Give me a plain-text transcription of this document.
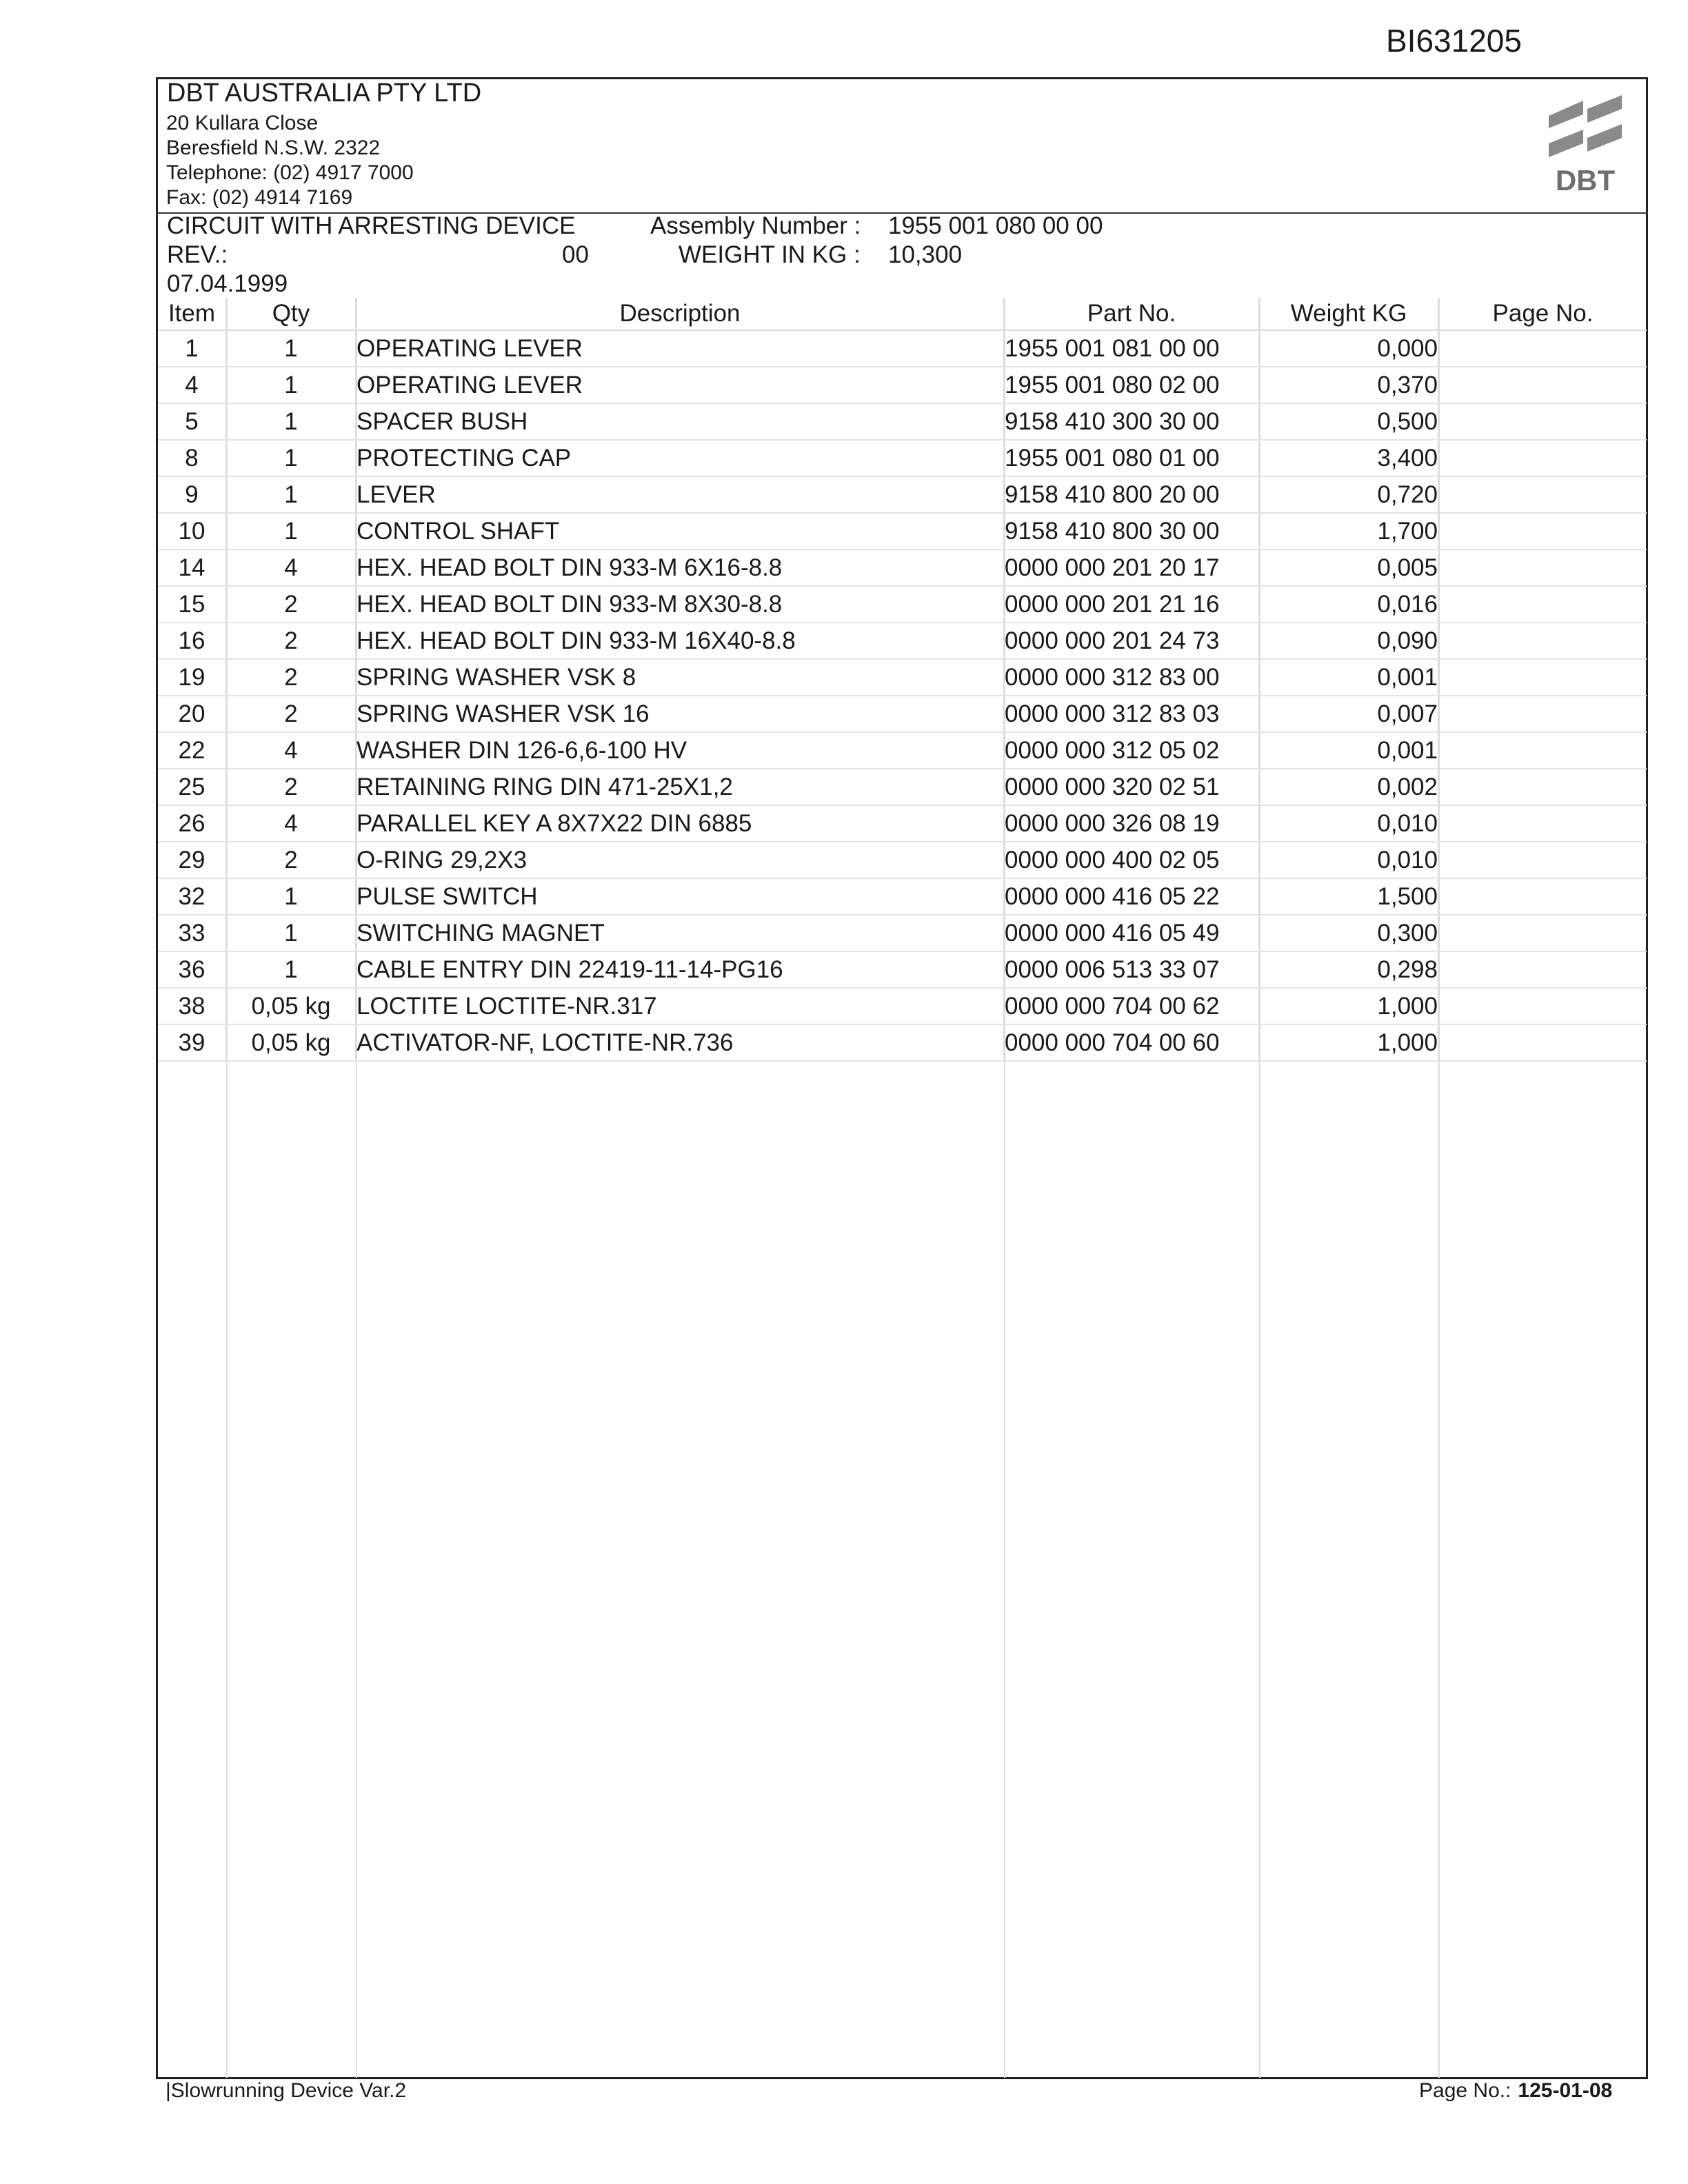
BI631205
DBT AUSTRALIA PTY LTD
20 Kullara Close
Beresfield N.S.W. 2322
Telephone: (02) 4917 7000
Fax: (02) 4914 7169
DBT
CIRCUIT WITH ARRESTING DEVICE	Assembly Number : 1955 001 080 00 00
REV.:	00	WEIGHT IN KG : 10,300
07.04.1999
Item	Qty	Description	Part No.	Weight KG	Page No.
1	1	OPERATING LEVER	1955 001 081 00 00	0,000	
4	1	OPERATING LEVER	1955 001 080 02 00	0,370	
5	1	SPACER BUSH	9158 410 300 30 00	0,500	
8	1	PROTECTING CAP	1955 001 080 01 00	3,400	
9	1	LEVER	9158 410 800 20 00	0,720	
10	1	CONTROL SHAFT	9158 410 800 30 00	1,700	
14	4	HEX. HEAD BOLT DIN 933-M 6X16-8.8	0000 000 201 20 17	0,005	
15	2	HEX. HEAD BOLT DIN 933-M 8X30-8.8	0000 000 201 21 16	0,016	
16	2	HEX. HEAD BOLT DIN 933-M 16X40-8.8	0000 000 201 24 73	0,090	
19	2	SPRING WASHER VSK 8	0000 000 312 83 00	0,001	
20	2	SPRING WASHER VSK 16	0000 000 312 83 03	0,007	
22	4	WASHER DIN 126-6,6-100 HV	0000 000 312 05 02	0,001	
25	2	RETAINING RING DIN 471-25X1,2	0000 000 320 02 51	0,002	
26	4	PARALLEL KEY A 8X7X22 DIN 6885	0000 000 326 08 19	0,010	
29	2	O-RING 29,2X3	0000 000 400 02 05	0,010	
32	1	PULSE SWITCH	0000 000 416 05 22	1,500	
33	1	SWITCHING MAGNET	0000 000 416 05 49	0,300	
36	1	CABLE ENTRY DIN 22419-11-14-PG16	0000 006 513 33 07	0,298	
38	0,05 kg	LOCTITE LOCTITE-NR.317	0000 000 704 00 62	1,000	
39	0,05 kg	ACTIVATOR-NF, LOCTITE-NR.736	0000 000 704 00 60	1,000	
|Slowrunning Device Var.2	Page No.: 125-01-08
